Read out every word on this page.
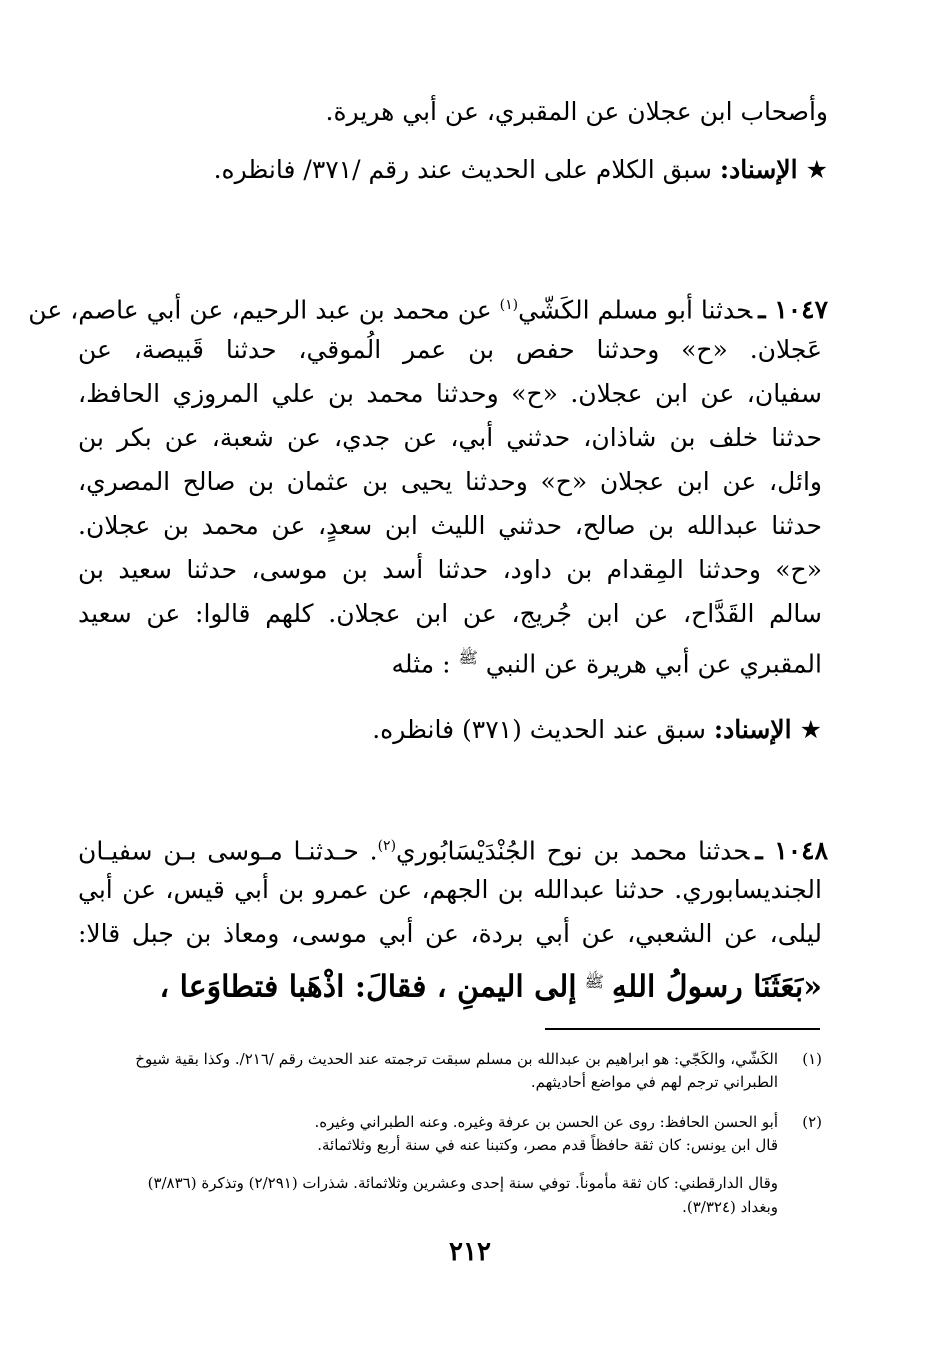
وأصحاب ابن عجلان عن المقبري، عن أبي هريرة.
★الإسناد: سبق الكلام على الحديث عند رقم /٣٧١/ فانظره.
١٠٤٧ ـحدثنا أبو مسلم الكَشّي$^{(١)}$ عن محمد بن عبد الرحيم، عن أبي عاصم، عن
عَجلان. «ح» وحدثنا حفص بن عمر الُموقي، حدثنا قَبيصة، عن
سفيان، عن ابن عجلان. «ح» وحدثنا محمد بن علي المروزي الحافظ،
حدثنا خلف بن شاذان، حدثني أبي، عن جدي، عن شعبة، عن بكر بن
وائل، عن ابن عجلان «ح» وحدثنا يحيى بن عثمان بن صالح المصري،
حدثنا عبدالله بن صالح، حدثني الليث ابن سعدٍ، عن محمد بن عجلان.
«ح» وحدثنا المِقدام بن داود، حدثنا أسد بن موسى، حدثنا سعيد بن
سالم القَدَّاح، عن ابن جُريج، عن ابن عجلان. كلهم قالوا: عن سعيد
المقبري عن أبي هريرة عن النبي $^ﷺ$ : مثله
★الإسناد: سبق عند الحديث (٣٧١) فانظره.
١٠٤٨ ـحدثنا محمد بن نوح الجُنْدَيْسَابُوري$^{(٢)}$. حـدثنـا مـوسى بـن سفيـان
الجنديسابوري. حدثنا عبدالله بن الجهم، عن عمرو بن أبي قيس، عن أبي
ليلى، عن الشعبي، عن أبي بردة، عن أبي موسى، ومعاذ بن جبل قالا:
«بَعَثَنَا رسولُ اللهِ $^ﷺ$ إلى اليمنِ ، فقالَ: اذْهَبا فتطاوَعا ،
(١)
الكَشّي، والكَجّي: هو ابراهيم بن عبدالله بن مسلم سبقت ترجمته عند الحديث رقم /٢١٦/. وكذا بقية شيوخ
الطبراني ترجم لهم في مواضع أحاديثهم.
(٢)
أبو الحسن الحافظ: روى عن الحسن بن عرفة وغيره. وعنه الطبراني وغيره.
قال ابن يونس: كان ثقة حافظاً قدم مصر، وكتبنا عنه في سنة أربع وثلاثمائة.
وقال الدارقطني: كان ثقة مأموناً. توفي سنة إحدى وعشرين وثلاثمائة. شذرات (٢/٢٩١) وتذكرة (٣/٨٣٦)
وبغداد (٣/٣٢٤).
٢١٢
